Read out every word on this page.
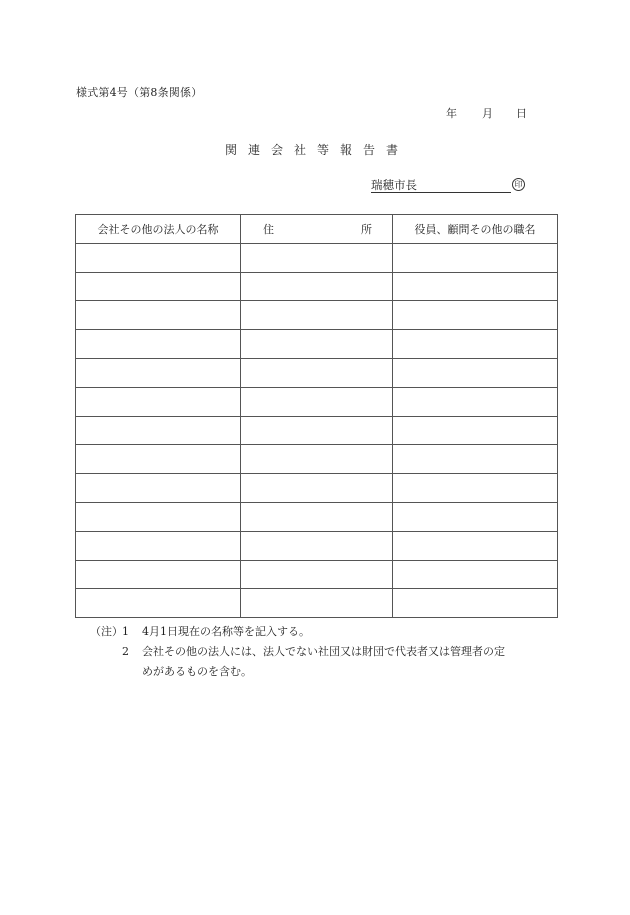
様式第4号（第8条関係）
年 月 日
関連会社等報告書
瑞穂市長	印
会社その他の法人の名称	住 所	役員、顧問その他の職名

（注） 1	4月1日現在の名称等を記入する。
2	会社その他の法人には、法人でない社団又は財団で代表者又は管理者の定
めがあるものを含む。
